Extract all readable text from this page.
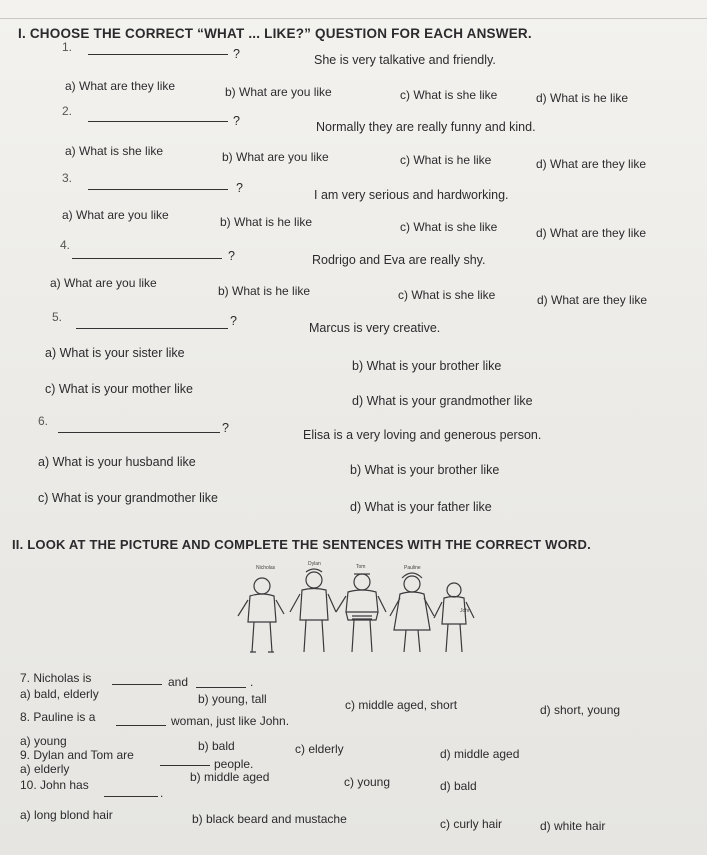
I. CHOOSE THE CORRECT “WHAT ... LIKE?” QUESTION FOR EACH ANSWER.
1.	?	She is very talkative and friendly.
a) What are they like	b) What are you like	c) What is she like	d) What is he like
2.
?	Normally they are really funny and kind.
a) What is she like	b) What are you like	c) What is he like	d) What are they like
3.
?	I am very serious and hardworking.
a) What are you like	b) What is he like	c) What is she like	d) What are they like
4.
?	Rodrigo and Eva are really shy.
a) What are you like
b) What is he like	c) What is she like	d) What are they like
5.	?	Marcus is very creative.
a) What is your sister like
b) What is your brother like
c) What is your mother like
d) What is your grandmother like
6.	?	Elisa is a very loving and generous person.
a) What is your husband like
b) What is your brother like
c) What is your grandmother like
d) What is your father like
II. LOOK AT THE PICTURE AND COMPLETE THE SENTENCES WITH THE CORRECT WORD.
Nicholas
Dylan	Tom	Pauline
John
7. Nicholas is	and	.
a) bald, elderly	b) young, tall	c) middle aged, short	d) short, young
8. Pauline is a	woman, just like John.
a) young	b) bald	c) elderly	d) middle aged
9. Dylan and Tom are
people.
a) elderly
b) middle aged	c) young	d) bald
10. John has
.
a) long blond hair	b) black beard and mustache	c) curly hair	d) white hair
